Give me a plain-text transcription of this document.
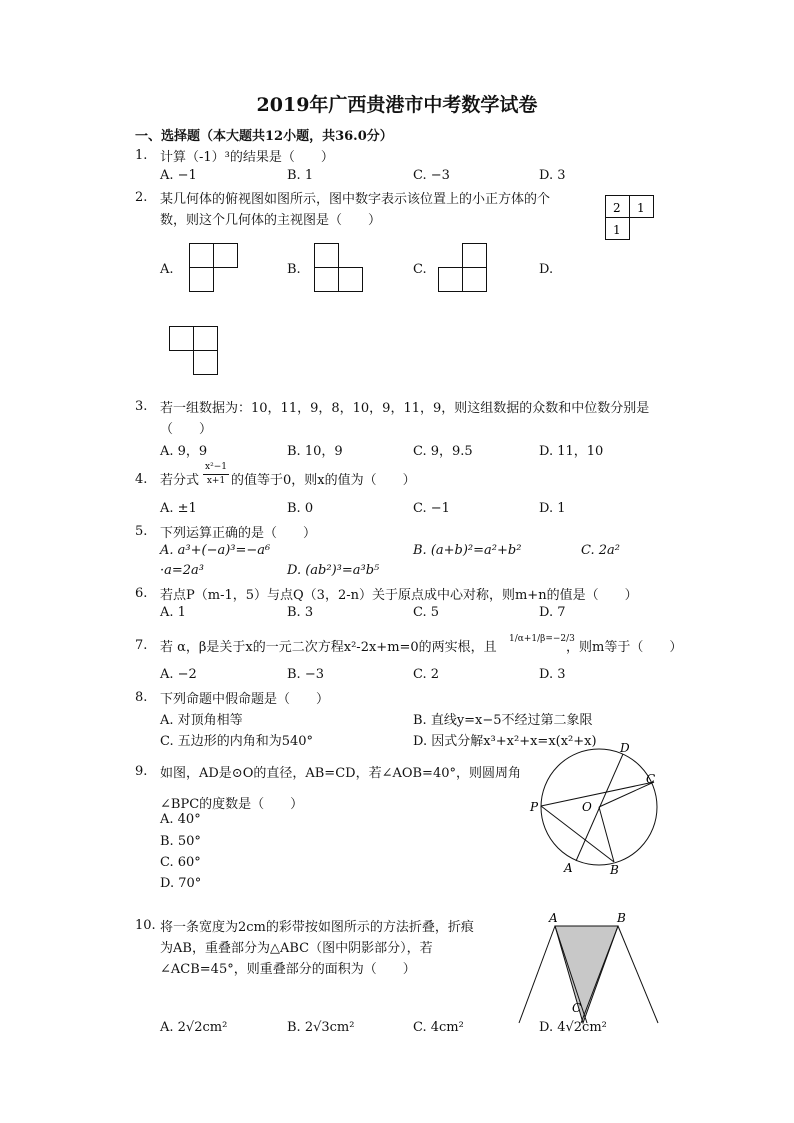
2019年广西贵港市中考数学试卷
一、选择题（本大题共12小题，共36.0分）
1. 计算（-1）³的结果是（　　）
A. −1	B. 1	C. −3	D. 3
2. 某几何体的俯视图如图所示，图中数字表示该位置上的小正方体的个
数，则这个几何体的主视图是（　　）
2 1
1
A.	B.	C.	D.
3. 若一组数据为：10，11，9，8，10，9，11，9，则这组数据的众数和中位数分别是
（　　）
A. 9，9	B. 10，9	C. 9，9.5	D. 11，10
4. 若分式
x²−1
x+1 的值等于0，则x的值为（　　）
A. ±1	B. 0	C. −1	D. 1
5. 下列运算正确的是（　　）
A. a³+(−a)³=−a⁶	B. (a+b)²=a²+b²	C. 2a²
·a=2a³	D. (ab²)³=a³b⁵
6. 若点P（m-1，5）与点Q（3，2-n）关于原点成中心对称，则m+n的值是（　　）
A. 1	B. 3	C. 5	D. 7
7. 若 α，β是关于x的一元二次方程x²-2x+m=0的两实根，且
1/α+1/β=−2/3
，则m等于（　　）
A. −2	B. −3	C. 2	D. 3
8. 下列命题中假命题是（　　）
A. 对顶角相等	B. 直线y=x−5不经过第二象限
C. 五边形的内角和为540°	D. 因式分解x³+x²+x=x(x²+x)
9. 如图，AD是⊙O的直径，AB=CD，若∠AOB=40°，则圆周角
∠BPC的度数是（　　）
A. 40°
B. 50°
C. 60°
D. 70°
D
C
P	O
A	B
10. 将一条宽度为2cm的彩带按如图所示的方法折叠，折痕
为AB，重叠部分为△ABC（图中阴影部分），若
∠ACB=45°，则重叠部分的面积为（　　）
A. 2√2cm²	B. 2√3cm²	C. 4cm²	D. 4√2cm²
A	B
C
